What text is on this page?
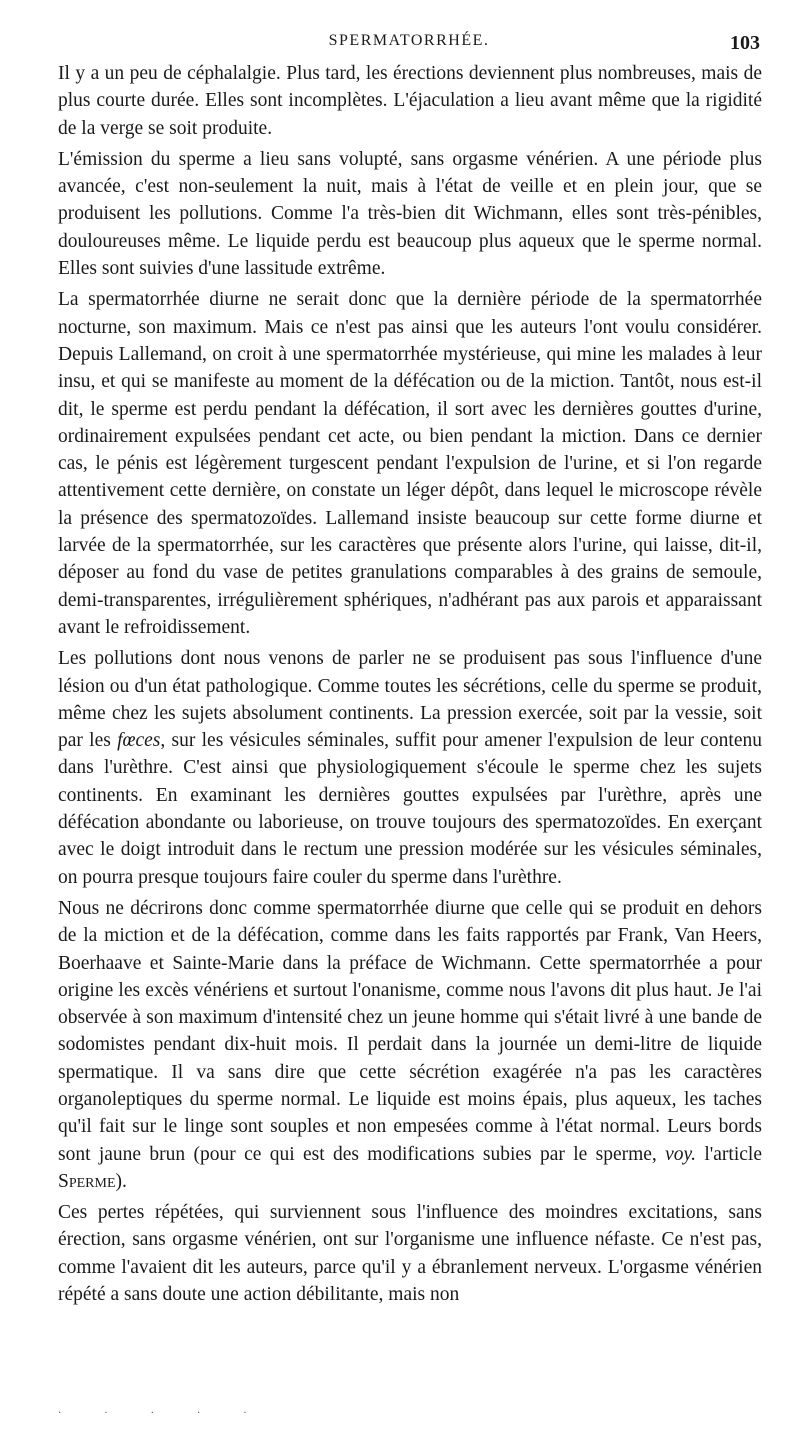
SPERMATORRHÉE.	103

Il y a un peu de céphalalgie. Plus tard, les érections deviennent plus nombreuses, mais de plus courte durée. Elles sont incomplètes. L'éjaculation a lieu avant même que la rigidité de la verge se soit produite.

L'émission du sperme a lieu sans volupté, sans orgasme vénérien. A une période plus avancée, c'est non-seulement la nuit, mais à l'état de veille et en plein jour, que se produisent les pollutions. Comme l'a très-bien dit Wichmann, elles sont très-pénibles, douloureuses même. Le liquide perdu est beaucoup plus aqueux que le sperme normal. Elles sont suivies d'une lassitude extrême.

La spermatorrhée diurne ne serait donc que la dernière période de la spermatorrhée nocturne, son maximum. Mais ce n'est pas ainsi que les auteurs l'ont voulu considérer. Depuis Lallemand, on croit à une spermatorrhée mystérieuse, qui mine les malades à leur insu, et qui se manifeste au moment de la défécation ou de la miction. Tantôt, nous est-il dit, le sperme est perdu pendant la défécation, il sort avec les dernières gouttes d'urine, ordinairement expulsées pendant cet acte, ou bien pendant la miction. Dans ce dernier cas, le pénis est légèrement turgescent pendant l'expulsion de l'urine, et si l'on regarde attentivement cette dernière, on constate un léger dépôt, dans lequel le microscope révèle la présence des spermatozoïdes. Lallemand insiste beaucoup sur cette forme diurne et larvée de la spermatorrhée, sur les caractères que présente alors l'urine, qui laisse, dit-il, déposer au fond du vase de petites granulations comparables à des grains de semoule, demi-transparentes, irrégulièrement sphériques, n'adhérant pas aux parois et apparaissant avant le refroidissement.

Les pollutions dont nous venons de parler ne se produisent pas sous l'influence d'une lésion ou d'un état pathologique. Comme toutes les sécrétions, celle du sperme se produit, même chez les sujets absolument continents. La pression exercée, soit par la vessie, soit par les fœces, sur les vésicules séminales, suffit pour amener l'expulsion de leur contenu dans l'urèthre. C'est ainsi que physiologiquement s'écoule le sperme chez les sujets continents. En examinant les dernières gouttes expulsées par l'urèthre, après une défécation abondante ou laborieuse, on trouve toujours des spermatozoïdes. En exerçant avec le doigt introduit dans le rectum une pression modérée sur les vésicules séminales, on pourra presque toujours faire couler du sperme dans l'urèthre.

Nous ne décrirons donc comme spermatorrhée diurne que celle qui se produit en dehors de la miction et de la défécation, comme dans les faits rapportés par Frank, Van Heers, Boerhaave et Sainte-Marie dans la préface de Wichmann. Cette spermatorrhée a pour origine les excès vénériens et surtout l'onanisme, comme nous l'avons dit plus haut. Je l'ai observée à son maximum d'intensité chez un jeune homme qui s'était livré à une bande de sodomistes pendant dix-huit mois. Il perdait dans la journée un demi-litre de liquide spermatique. Il va sans dire que cette sécrétion exagérée n'a pas les caractères organoleptiques du sperme normal. Le liquide est moins épais, plus aqueux, les taches qu'il fait sur le linge sont souples et non empesées comme à l'état normal. Leurs bords sont jaune brun (pour ce qui est des modifications subies par le sperme, voy. l'article Sperme).

Ces pertes répétées, qui surviennent sous l'influence des moindres excitations, sans érection, sans orgasme vénérien, ont sur l'organisme une influence néfaste. Ce n'est pas, comme l'avaient dit les auteurs, parce qu'il y a ébranlement nerveux. L'orgasme vénérien répété a sans doute une action débilitante, mais non

· · · · ·
